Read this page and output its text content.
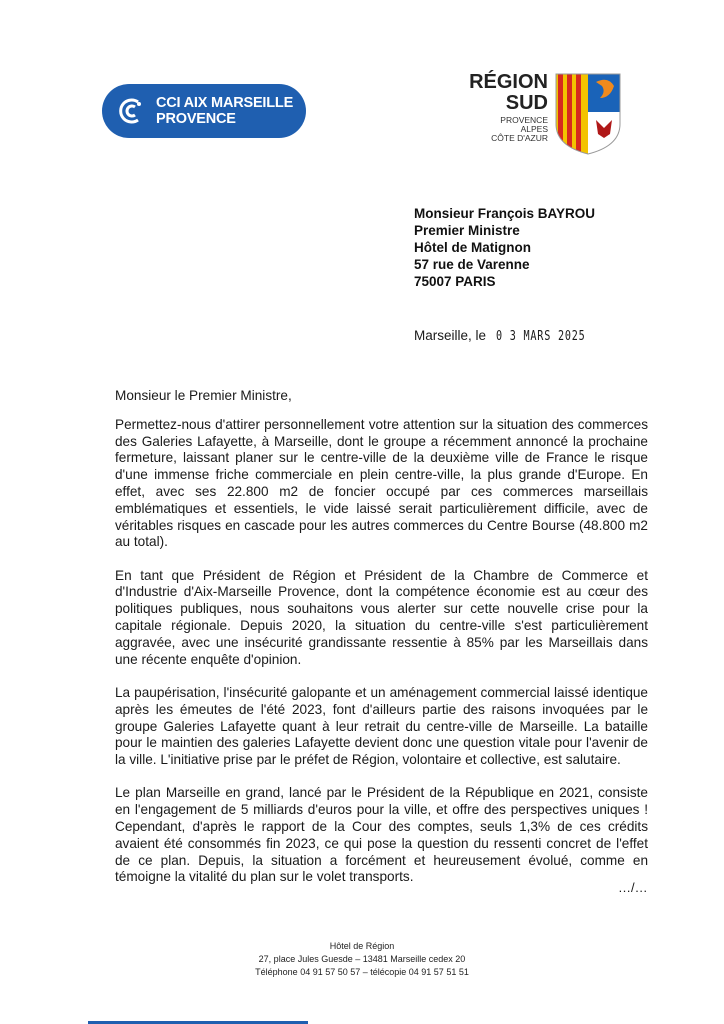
CCI AIX MARSEILLE
PROVENCE
RÉGION
SUD
PROVENCE
ALPES
CÔTE D'AZUR
Monsieur François BAYROU
Premier Ministre
Hôtel de Matignon
57 rue de Varenne
75007 PARIS
Marseille, le 0 3 MARS 2025

Monsieur le Premier Ministre,

Permettez-nous d'attirer personnellement votre attention sur la situation des commerces des Galeries Lafayette, à Marseille, dont le groupe a récemment annoncé la prochaine fermeture, laissant planer sur le centre-ville de la deuxième ville de France le risque d'une immense friche commerciale en plein centre-ville, la plus grande d'Europe. En effet, avec ses 22.800 m2 de foncier occupé par ces commerces marseillais emblématiques et essentiels, le vide laissé serait particulièrement difficile, avec de véritables risques en cascade pour les autres commerces du Centre Bourse (48.800 m2 au total).

En tant que Président de Région et Président de la Chambre de Commerce et d'Industrie d'Aix-Marseille Provence, dont la compétence économie est au cœur des politiques publiques, nous souhaitons vous alerter sur cette nouvelle crise pour la capitale régionale. Depuis 2020, la situation du centre-ville s'est particulièrement aggravée, avec une insécurité grandissante ressentie à 85% par les Marseillais dans une récente enquête d'opinion.

La paupérisation, l'insécurité galopante et un aménagement commercial laissé identique après les émeutes de l'été 2023, font d'ailleurs partie des raisons invoquées par le groupe Galeries Lafayette quant à leur retrait du centre-ville de Marseille. La bataille pour le maintien des galeries Lafayette devient donc une question vitale pour l'avenir de la ville. L'initiative prise par le préfet de Région, volontaire et collective, est salutaire.

Le plan Marseille en grand, lancé par le Président de la République en 2021, consiste en l'engagement de 5 milliards d'euros pour la ville, et offre des perspectives uniques ! Cependant, d'après le rapport de la Cour des comptes, seuls 1,3% de ces crédits avaient été consommés fin 2023, ce qui pose la question du ressenti concret de l'effet de ce plan. Depuis, la situation a forcément et heureusement évolué, comme en témoigne la vitalité du plan sur le volet transports.

…/…
Hôtel de Région
27, place Jules Guesde – 13481 Marseille cedex 20
Téléphone 04 91 57 50 57 – télécopie 04 91 57 51 51
